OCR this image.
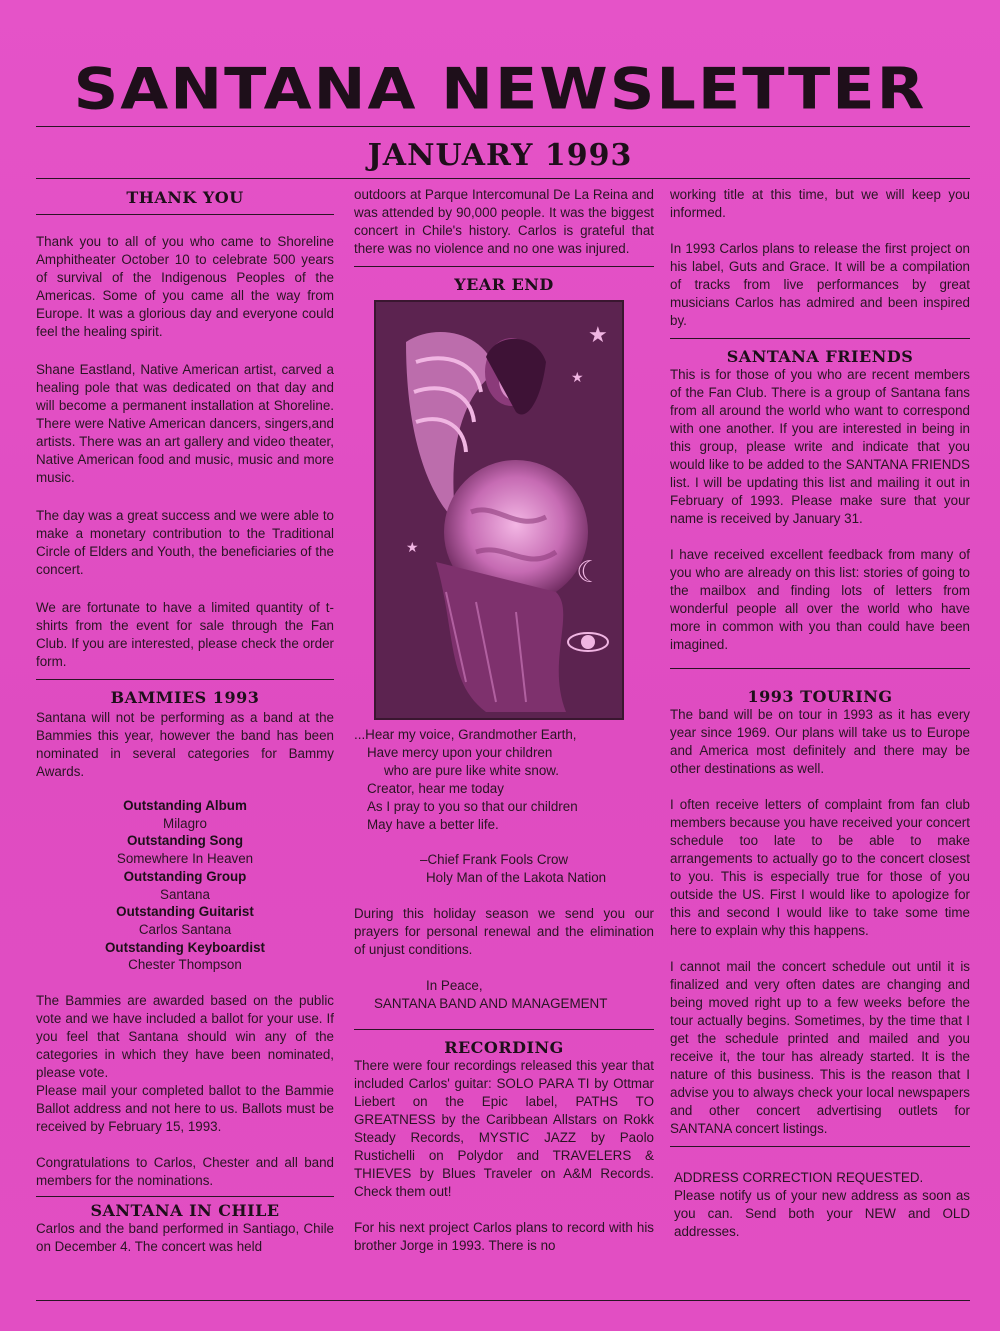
SANTANA NEWSLETTER
JANUARY 1993
THANK YOU

Thank you to all of you who came to Shoreline Amphitheater October 10 to celebrate 500 years of survival of the Indigenous Peoples of the Americas. Some of you came all the way from Europe. It was a glorious day and everyone could feel the healing spirit.

Shane Eastland, Native American artist, carved a healing pole that was dedicated on that day and will become a permanent installation at Shoreline. There were Native American dancers, singers,and artists. There was an art gallery and video theater, Native American food and music, music and more music.

The day was a great success and we were able to make a monetary contribution to the Traditional Circle of Elders and Youth, the beneficiaries of the concert.

We are fortunate to have a limited quantity of t-shirts from the event for sale through the Fan Club. If you are interested, please check the order form.

BAMMIES 1993

Santana will not be performing as a band at the Bammies this year, however the band has been nominated in several categories for Bammy Awards.

Outstanding Album

Milagro

Outstanding Song

Somewhere In Heaven

Outstanding Group

Santana

Outstanding Guitarist

Carlos Santana

Outstanding Keyboardist

Chester Thompson

The Bammies are awarded based on the public vote and we have included a ballot for your use. If you feel that Santana should win any of the categories in which they have been nominated, please vote.

Please mail your completed ballot to the Bammie Ballot address and not here to us. Ballots must be received by February 15, 1993.

Congratulations to Carlos, Chester and all band members for the nominations.

SANTANA IN CHILE

Carlos and the band performed in Santiago, Chile on December 4. The concert was held

outdoors at Parque Intercomunal De La Reina and was attended by 90,000 people. It was the biggest concert in Chile's history. Carlos is grateful that there was no violence and no one was injured.

YEAR END
★
★
★
☾

...Hear my voice, Grandmother Earth,

Have mercy upon your children

who are pure like white snow.

Creator, hear me today

As I pray to you so that our children

May have a better life.

–Chief Frank Fools Crow

Holy Man of the Lakota Nation

During this holiday season we send you our prayers for personal renewal and the elimination of unjust conditions.

In Peace,

SANTANA BAND AND MANAGEMENT

RECORDING

There were four recordings released this year that included Carlos' guitar: SOLO PARA TI by Ottmar Liebert on the Epic label, PATHS TO GREATNESS by the Caribbean Allstars on Rokk Steady Records, MYSTIC JAZZ by Paolo Rustichelli on Polydor and TRAVELERS & THIEVES by Blues Traveler on A&M Records. Check them out!

For his next project Carlos plans to record with his brother Jorge in 1993. There is no

working title at this time, but we will keep you informed.

In 1993 Carlos plans to release the first project on his label, Guts and Grace. It will be a compilation of tracks from live performances by great musicians Carlos has admired and been inspired by.

SANTANA FRIENDS

This is for those of you who are recent members of the Fan Club. There is a group of Santana fans from all around the world who want to correspond with one another. If you are interested in being in this group, please write and indicate that you would like to be added to the SANTANA FRIENDS list. I will be updating this list and mailing it out in February of 1993. Please make sure that your name is received by January 31.

I have received excellent feedback from many of you who are already on this list: stories of going to the mailbox and finding lots of letters from wonderful people all over the world who have more in common with you than could have been imagined.

1993 TOURING

The band will be on tour in 1993 as it has every year since 1969. Our plans will take us to Europe and America most definitely and there may be other destinations as well.

I often receive letters of complaint from fan club members because you have received your concert schedule too late to be able to make arrangements to actually go to the concert closest to you. This is especially true for those of you outside the US. First I would like to apologize for this and second I would like to take some time here to explain why this happens.

I cannot mail the concert schedule out until it is finalized and very often dates are changing and being moved right up to a few weeks before the tour actually begins. Sometimes, by the time that I get the schedule printed and mailed and you receive it, the tour has already started. It is the nature of this business. This is the reason that I advise you to always check your local newspapers and other concert advertising outlets for SANTANA concert listings.

ADDRESS CORRECTION REQUESTED.

Please notify us of your new address as soon as you can. Send both your NEW and OLD addresses.
